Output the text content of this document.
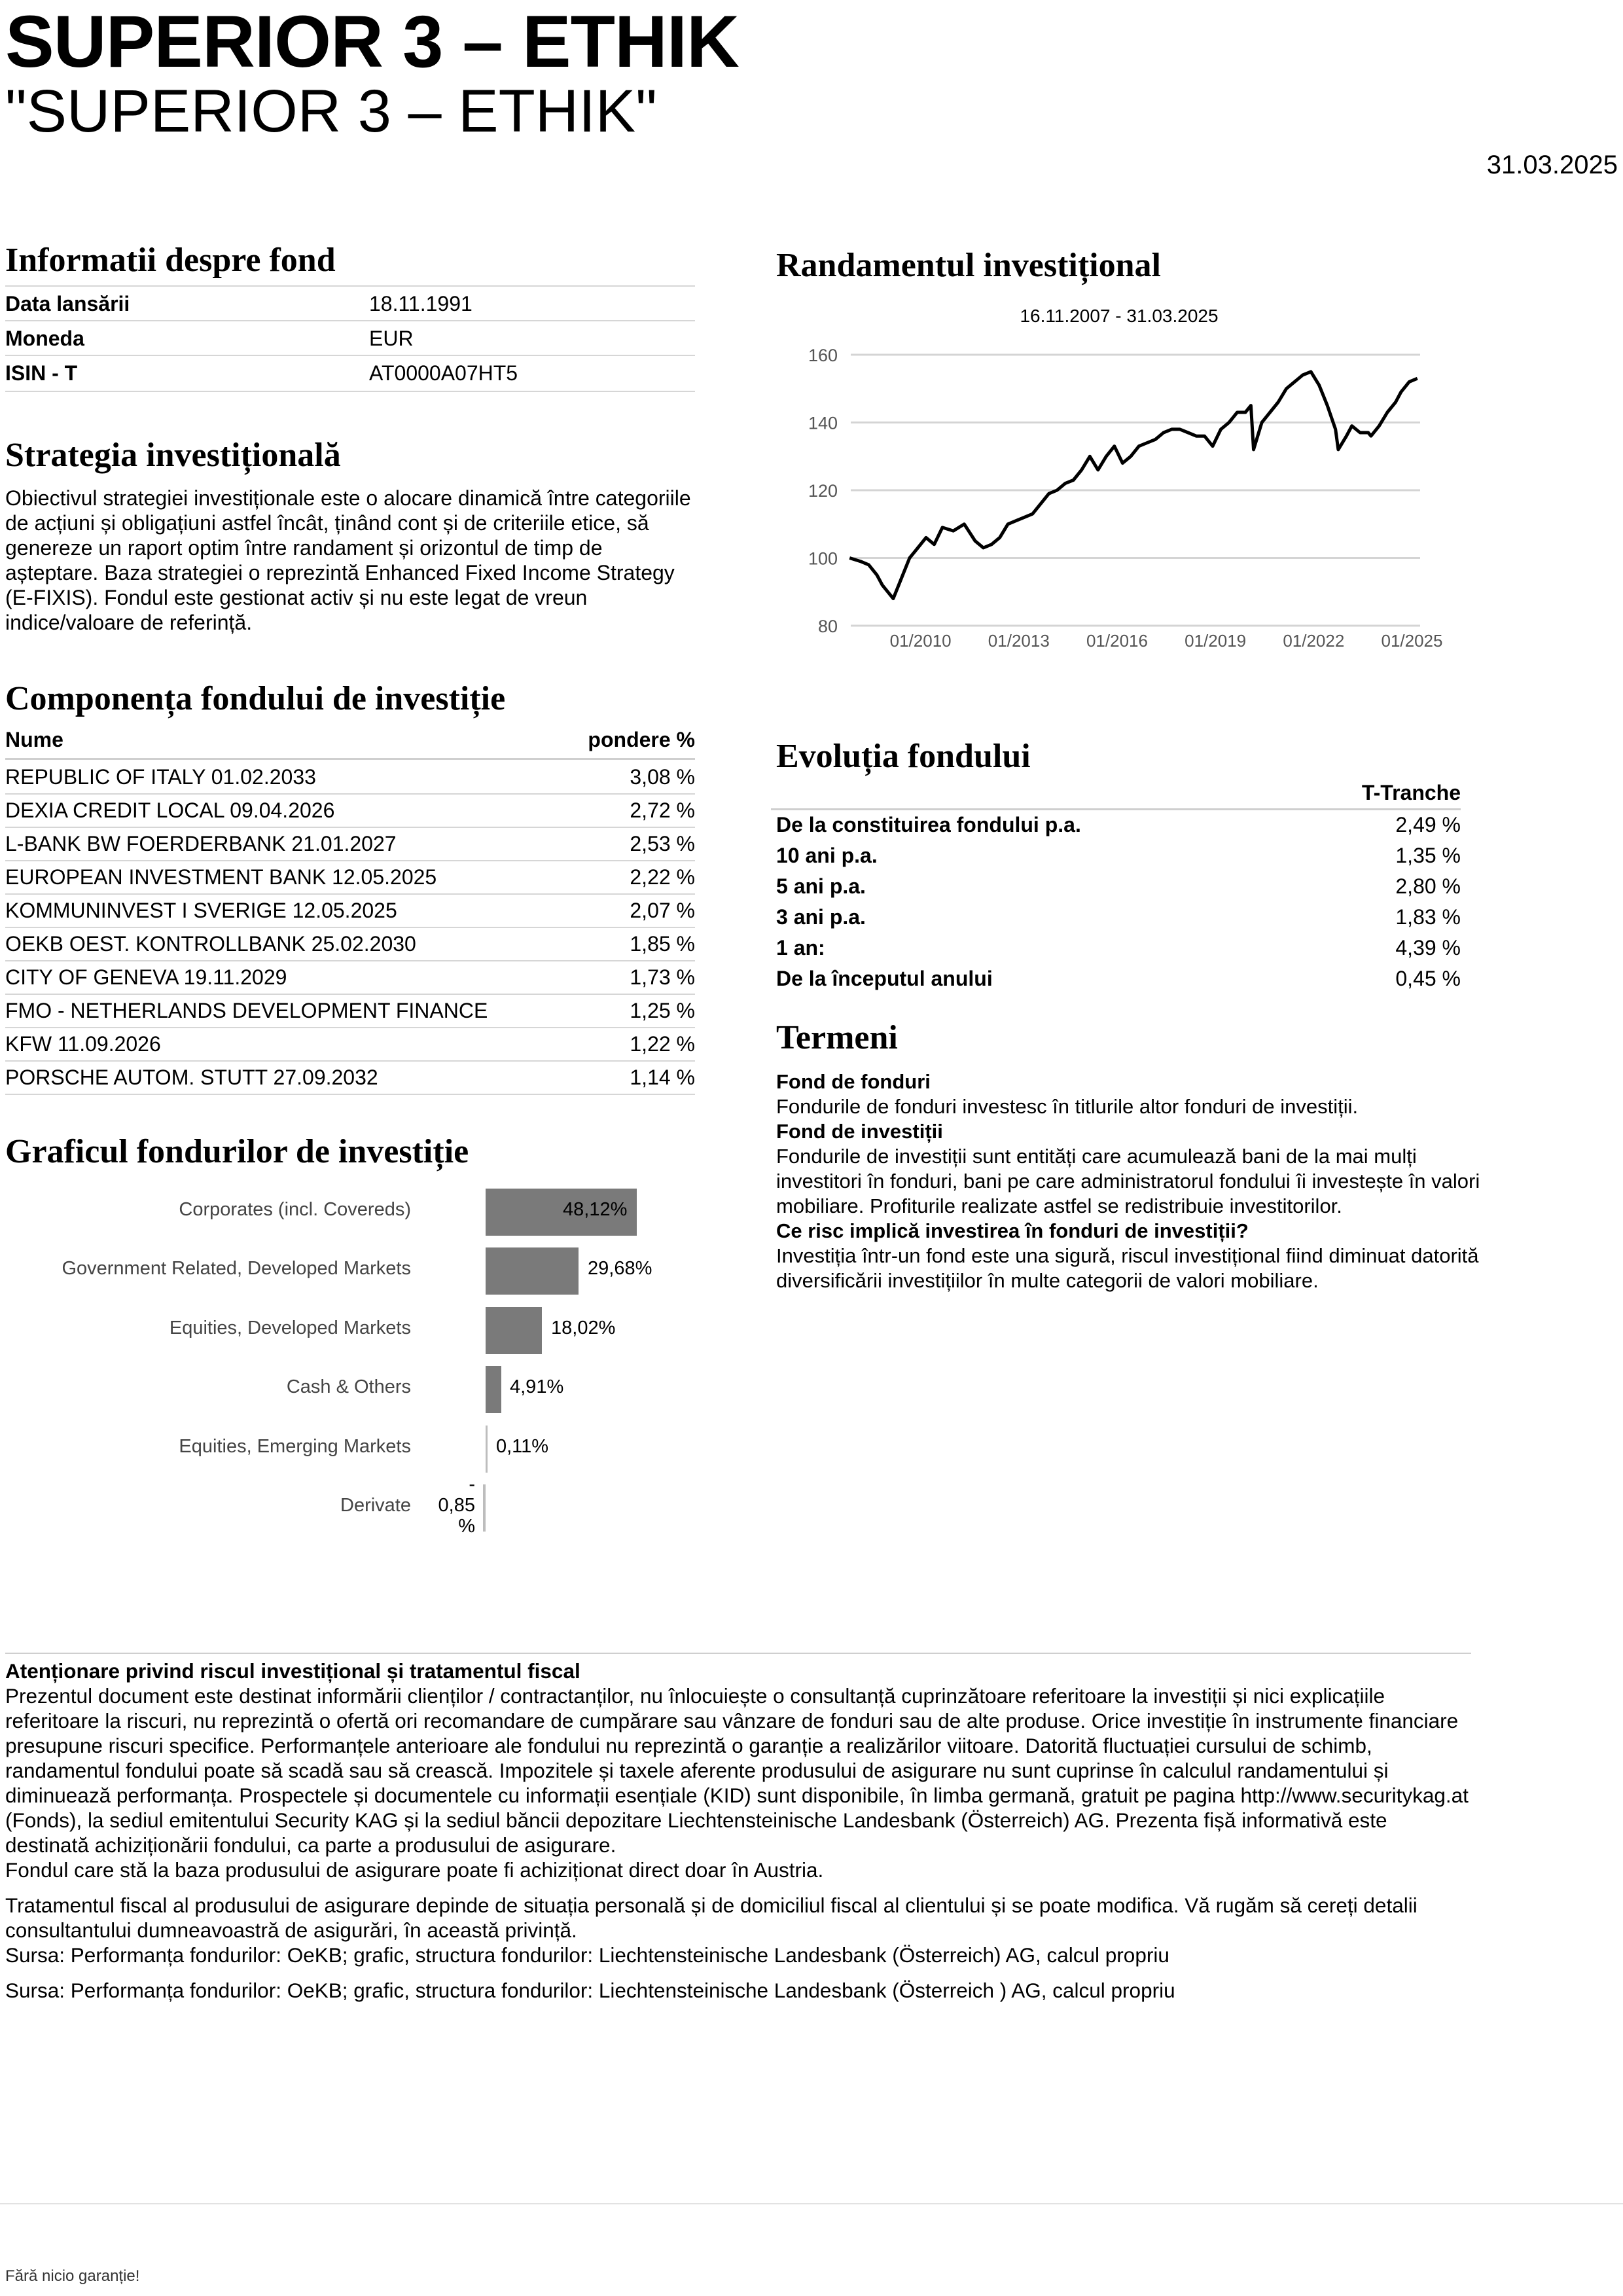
SUPERIOR 3 – ETHIK
"SUPERIOR 3 – ETHIK"
31.03.2025
Informatii despre fond
Data lansării	18.11.1991
Moneda	EUR
ISIN - T	AT0000A07HT5
Strategia investițională
Obiectivul strategiei investiționale este o alocare dinamică între categoriile
de acțiuni și obligațiuni astfel încât, ținând cont și de criteriile etice, să
genereze un raport optim între randament și orizontul de timp de
așteptare. Baza strategiei o reprezintă Enhanced Fixed Income Strategy
(E-FIXIS). Fondul este gestionat activ și nu este legat de vreun
indice/valoare de referință.
Componența fondului de investiție
Nume	pondere %
REPUBLIC OF ITALY 01.02.2033	3,08 %
DEXIA CREDIT LOCAL 09.04.2026	2,72 %
L-BANK BW FOERDERBANK 21.01.2027	2,53 %
EUROPEAN INVESTMENT BANK 12.05.2025	2,22 %
KOMMUNINVEST I SVERIGE 12.05.2025	2,07 %
OEKB OEST. KONTROLLBANK 25.02.2030	1,85 %
CITY OF GENEVA 19.11.2029	1,73 %
FMO - NETHERLANDS DEVELOPMENT FINANCE	1,25 %
KFW 11.09.2026	1,22 %
PORSCHE AUTOM. STUTT 27.09.2032	1,14 %
Graficul fondurilor de investiție
Corporates (incl. Covereds)
Government Related, Developed Markets
Equities, Developed Markets
Cash & Others
Equities, Emerging Markets
Derivate
48,12%
29,68%
18,02%
4,91%
0,11%
-
0,85
%
Randamentul investițional
16.11.2007 - 31.03.2025
80
100
120
140
160
01/2010 01/2013 01/2016 01/2019 01/2022 01/2025
Evoluția fondului
T-Tranche
De la constituirea fondului p.a.	2,49 %
10 ani p.a.	1,35 %
5 ani p.a.	2,80 %
3 ani p.a.	1,83 %
1 an:	4,39 %
De la începutul anului	0,45 %
Termeni
Fond de fonduri
Fondurile de fonduri investesc în titlurile altor fonduri de investiții.
Fond de investiții
Fondurile de investiții sunt entități care acumulează bani de la mai mulți investitori în fonduri, bani pe care administratorul fondului îi investește în valori mobiliare. Profiturile realizate astfel se redistribuie investitorilor.
Ce risc implică investirea în fonduri de investiții?
Investiția într-un fond este una sigură, riscul investițional fiind diminuat datorită diversificării investițiilor în multe categorii de valori mobiliare.
Atenționare privind riscul investițional și tratamentul fiscal
Prezentul document este destinat informării clienților / contractanților, nu înlocuiește o consultanță cuprinzătoare referitoare la investiții și nici explicațiile referitoare la riscuri, nu reprezintă o ofertă ori recomandare de cumpărare sau vânzare de fonduri sau de alte produse. Orice investiție în instrumente financiare presupune riscuri specifice. Performanțele anterioare ale fondului nu reprezintă o garanție a realizărilor viitoare. Datorită fluctuației cursului de schimb, randamentul fondului poate să scadă sau să crească. Impozitele și taxele aferente produsului de asigurare nu sunt cuprinse în calculul randamentului și diminuează performanța. Prospectele și documentele cu informații esențiale (KID) sunt disponibile, în limba germană, gratuit pe pagina http://www.securitykag.at (Fonds), la sediul emitentului Security KAG și la sediul băncii depozitare Liechtensteinische Landesbank (Österreich) AG. Prezenta fișă informativă este destinată achiziționării fondului, ca parte a produsului de asigurare.
Fondul care stă la baza produsului de asigurare poate fi achiziționat direct doar în Austria.
Tratamentul fiscal al produsului de asigurare depinde de situația personală și de domiciliul fiscal al clientului și se poate modifica. Vă rugăm să cereți detalii consultantului dumneavoastră de asigurări, în această privință.
Sursa: Performanța fondurilor: OeKB; grafic, structura fondurilor: Liechtensteinische Landesbank (Österreich) AG, calcul propriu
Sursa: Performanța fondurilor: OeKB; grafic, structura fondurilor: Liechtensteinische Landesbank (Österreich ) AG, calcul propriu
Fără nicio garanție!
